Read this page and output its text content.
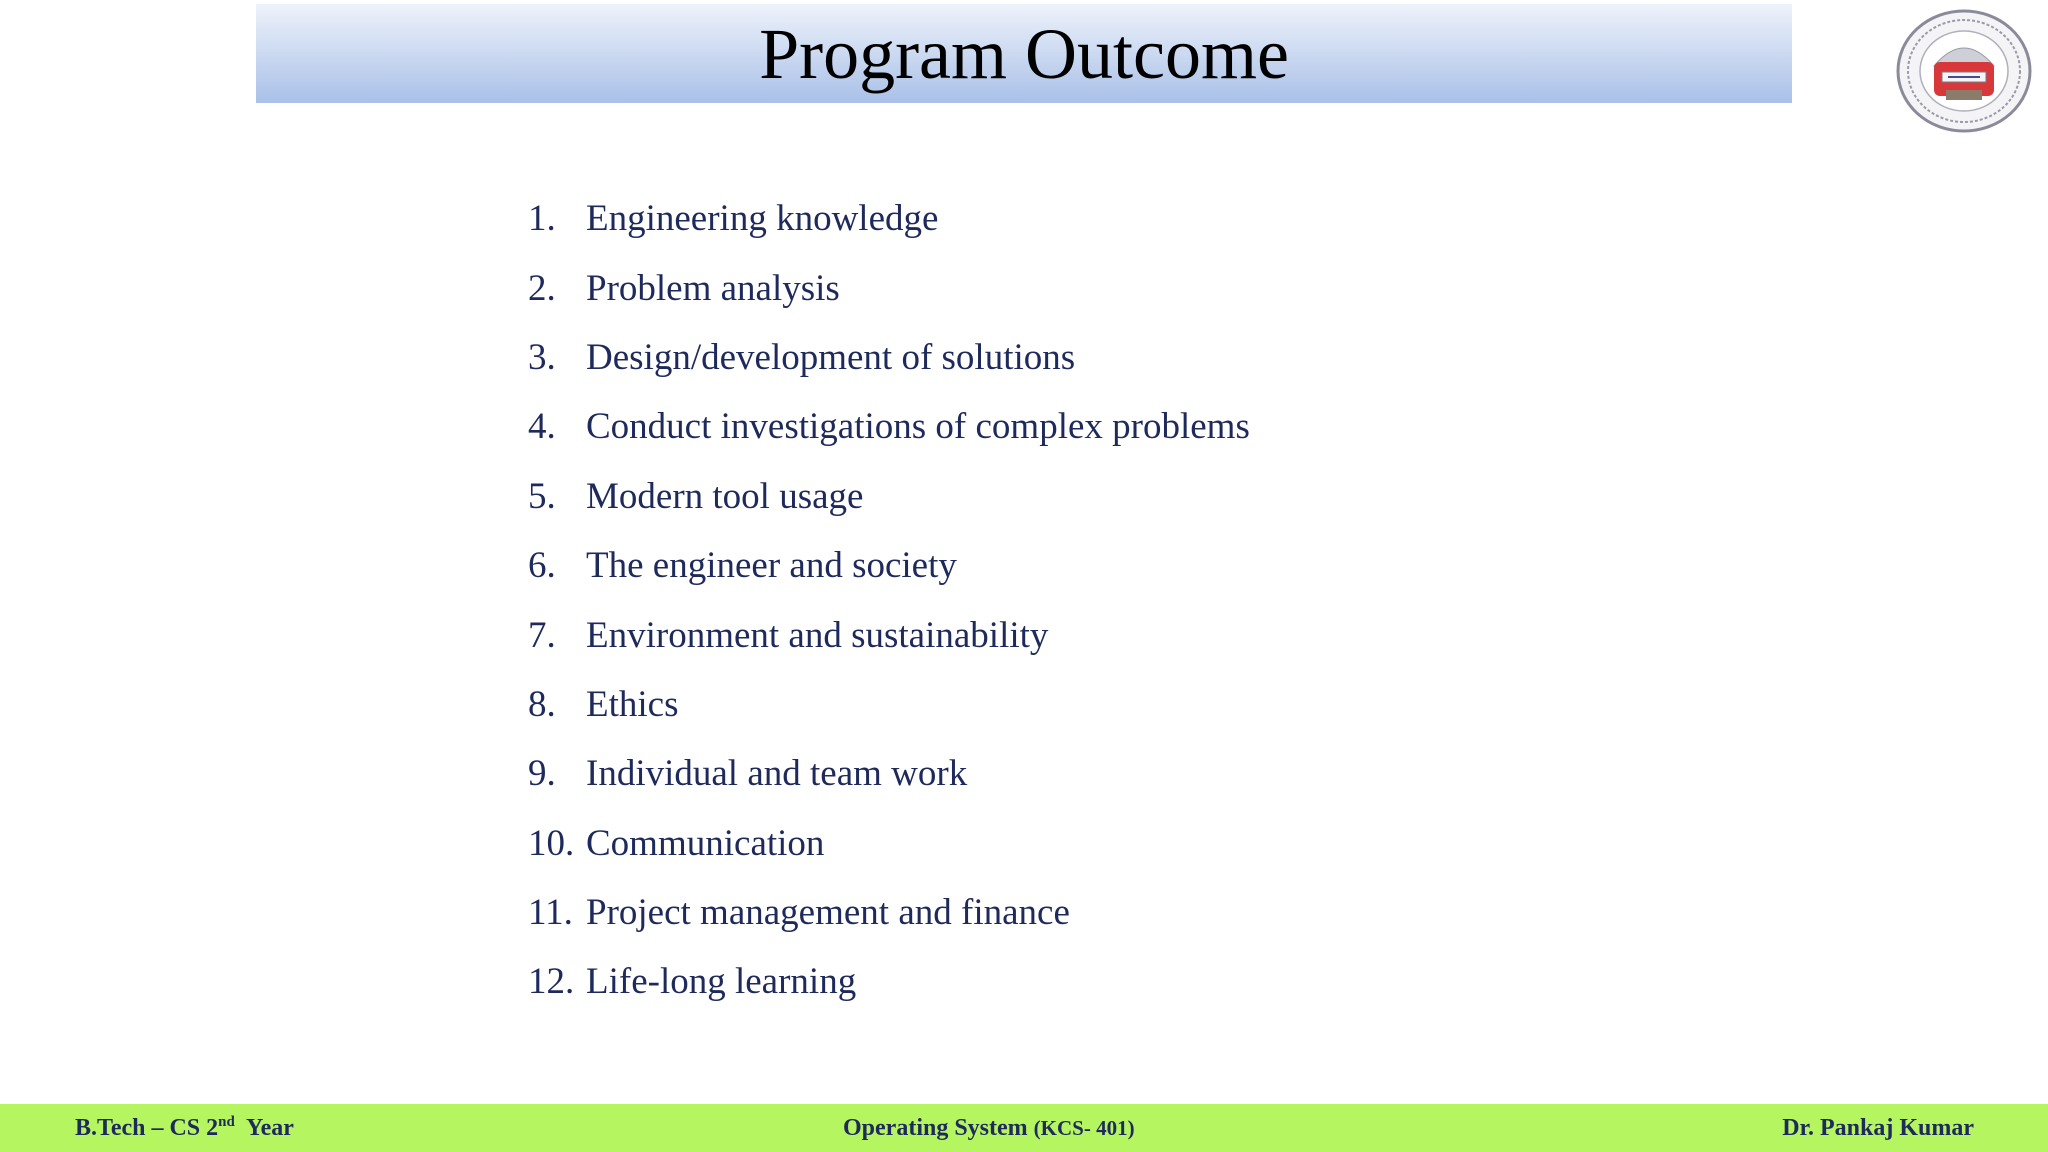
Program Outcome
1. Engineering knowledge
2. Problem analysis
3. Design/development of solutions
4. Conduct investigations of complex problems
5. Modern tool usage
6. The engineer and society
7. Environment and sustainability
8. Ethics
9. Individual and team work
10. Communication
11. Project management and finance
12. Life-long learning
B.Tech – CS 2nd Year	Operating System (KCS- 401)	Dr. Pankaj Kumar
